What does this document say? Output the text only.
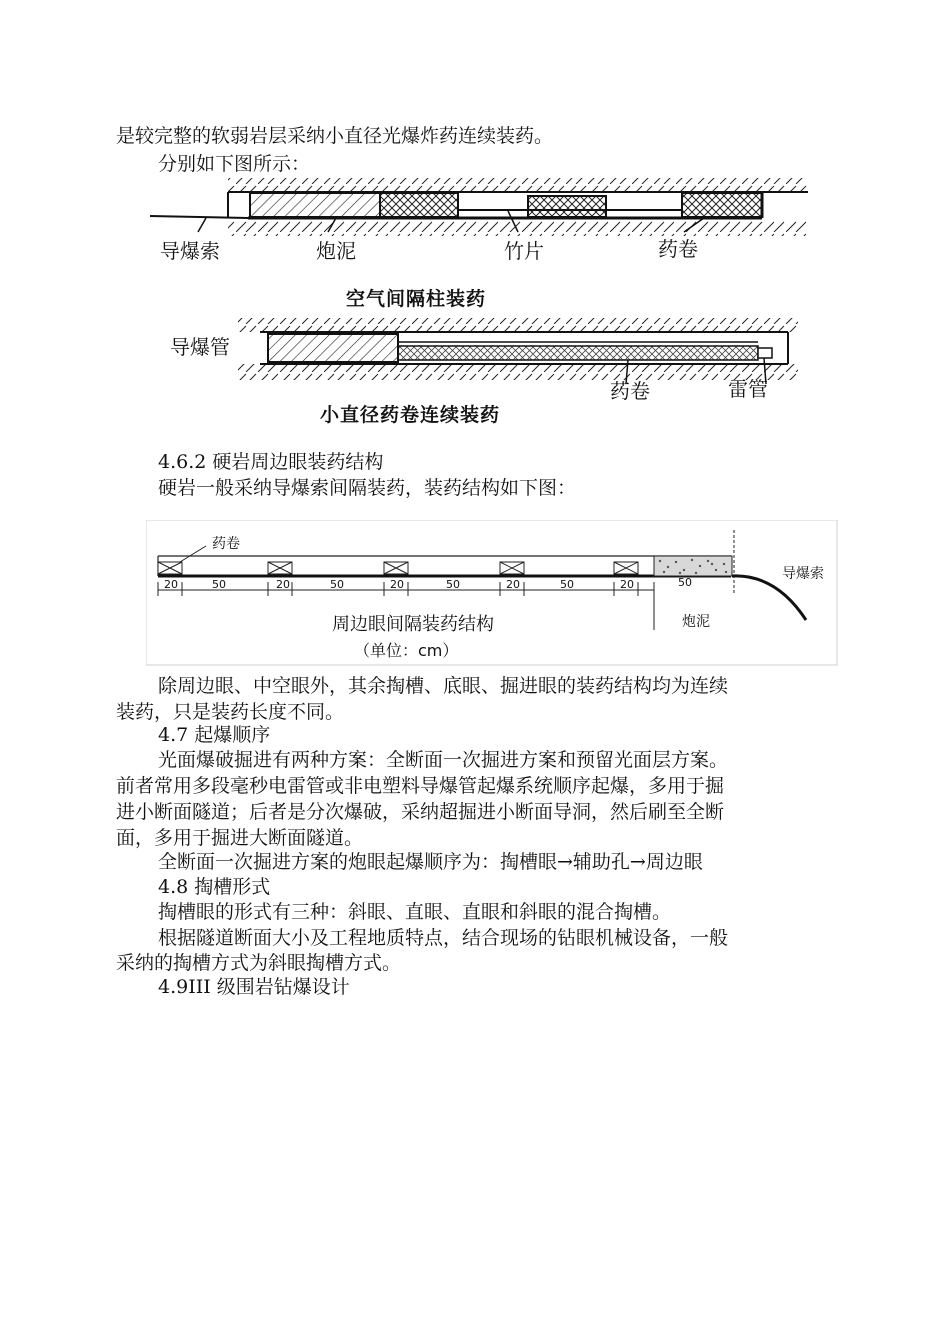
是较完整的软弱岩层采纳小直径光爆炸药连续装药。
分别如下图所示：
导爆索	炮泥	竹片	药卷
空气间隔柱装药
导爆管
药卷	雷管
小直径药卷连续装药
4.6.2 硬岩周边眼装药结构
硬岩一般采纳导爆索间隔装药，装药结构如下图：
20	50	20	50	20	50	20	50	20	50
药卷
导爆索
炮泥
周边眼间隔装药结构
（单位：cm）
除周边眼、中空眼外，其余掏槽、底眼、掘进眼的装药结构均为连续
装药，只是装药长度不同。
4.7 起爆顺序
光面爆破掘进有两种方案：全断面一次掘进方案和预留光面层方案。
前者常用多段毫秒电雷管或非电塑料导爆管起爆系统顺序起爆，多用于掘
进小断面隧道；后者是分次爆破，采纳超掘进小断面导洞，然后刷至全断
面，多用于掘进大断面隧道。
全断面一次掘进方案的炮眼起爆顺序为：掏槽眼→辅助孔→周边眼
4.8 掏槽形式
掏槽眼的形式有三种：斜眼、直眼、直眼和斜眼的混合掏槽。
根据隧道断面大小及工程地质特点，结合现场的钻眼机械设备，一般
采纳的掏槽方式为斜眼掏槽方式。
4.9III 级围岩钻爆设计
